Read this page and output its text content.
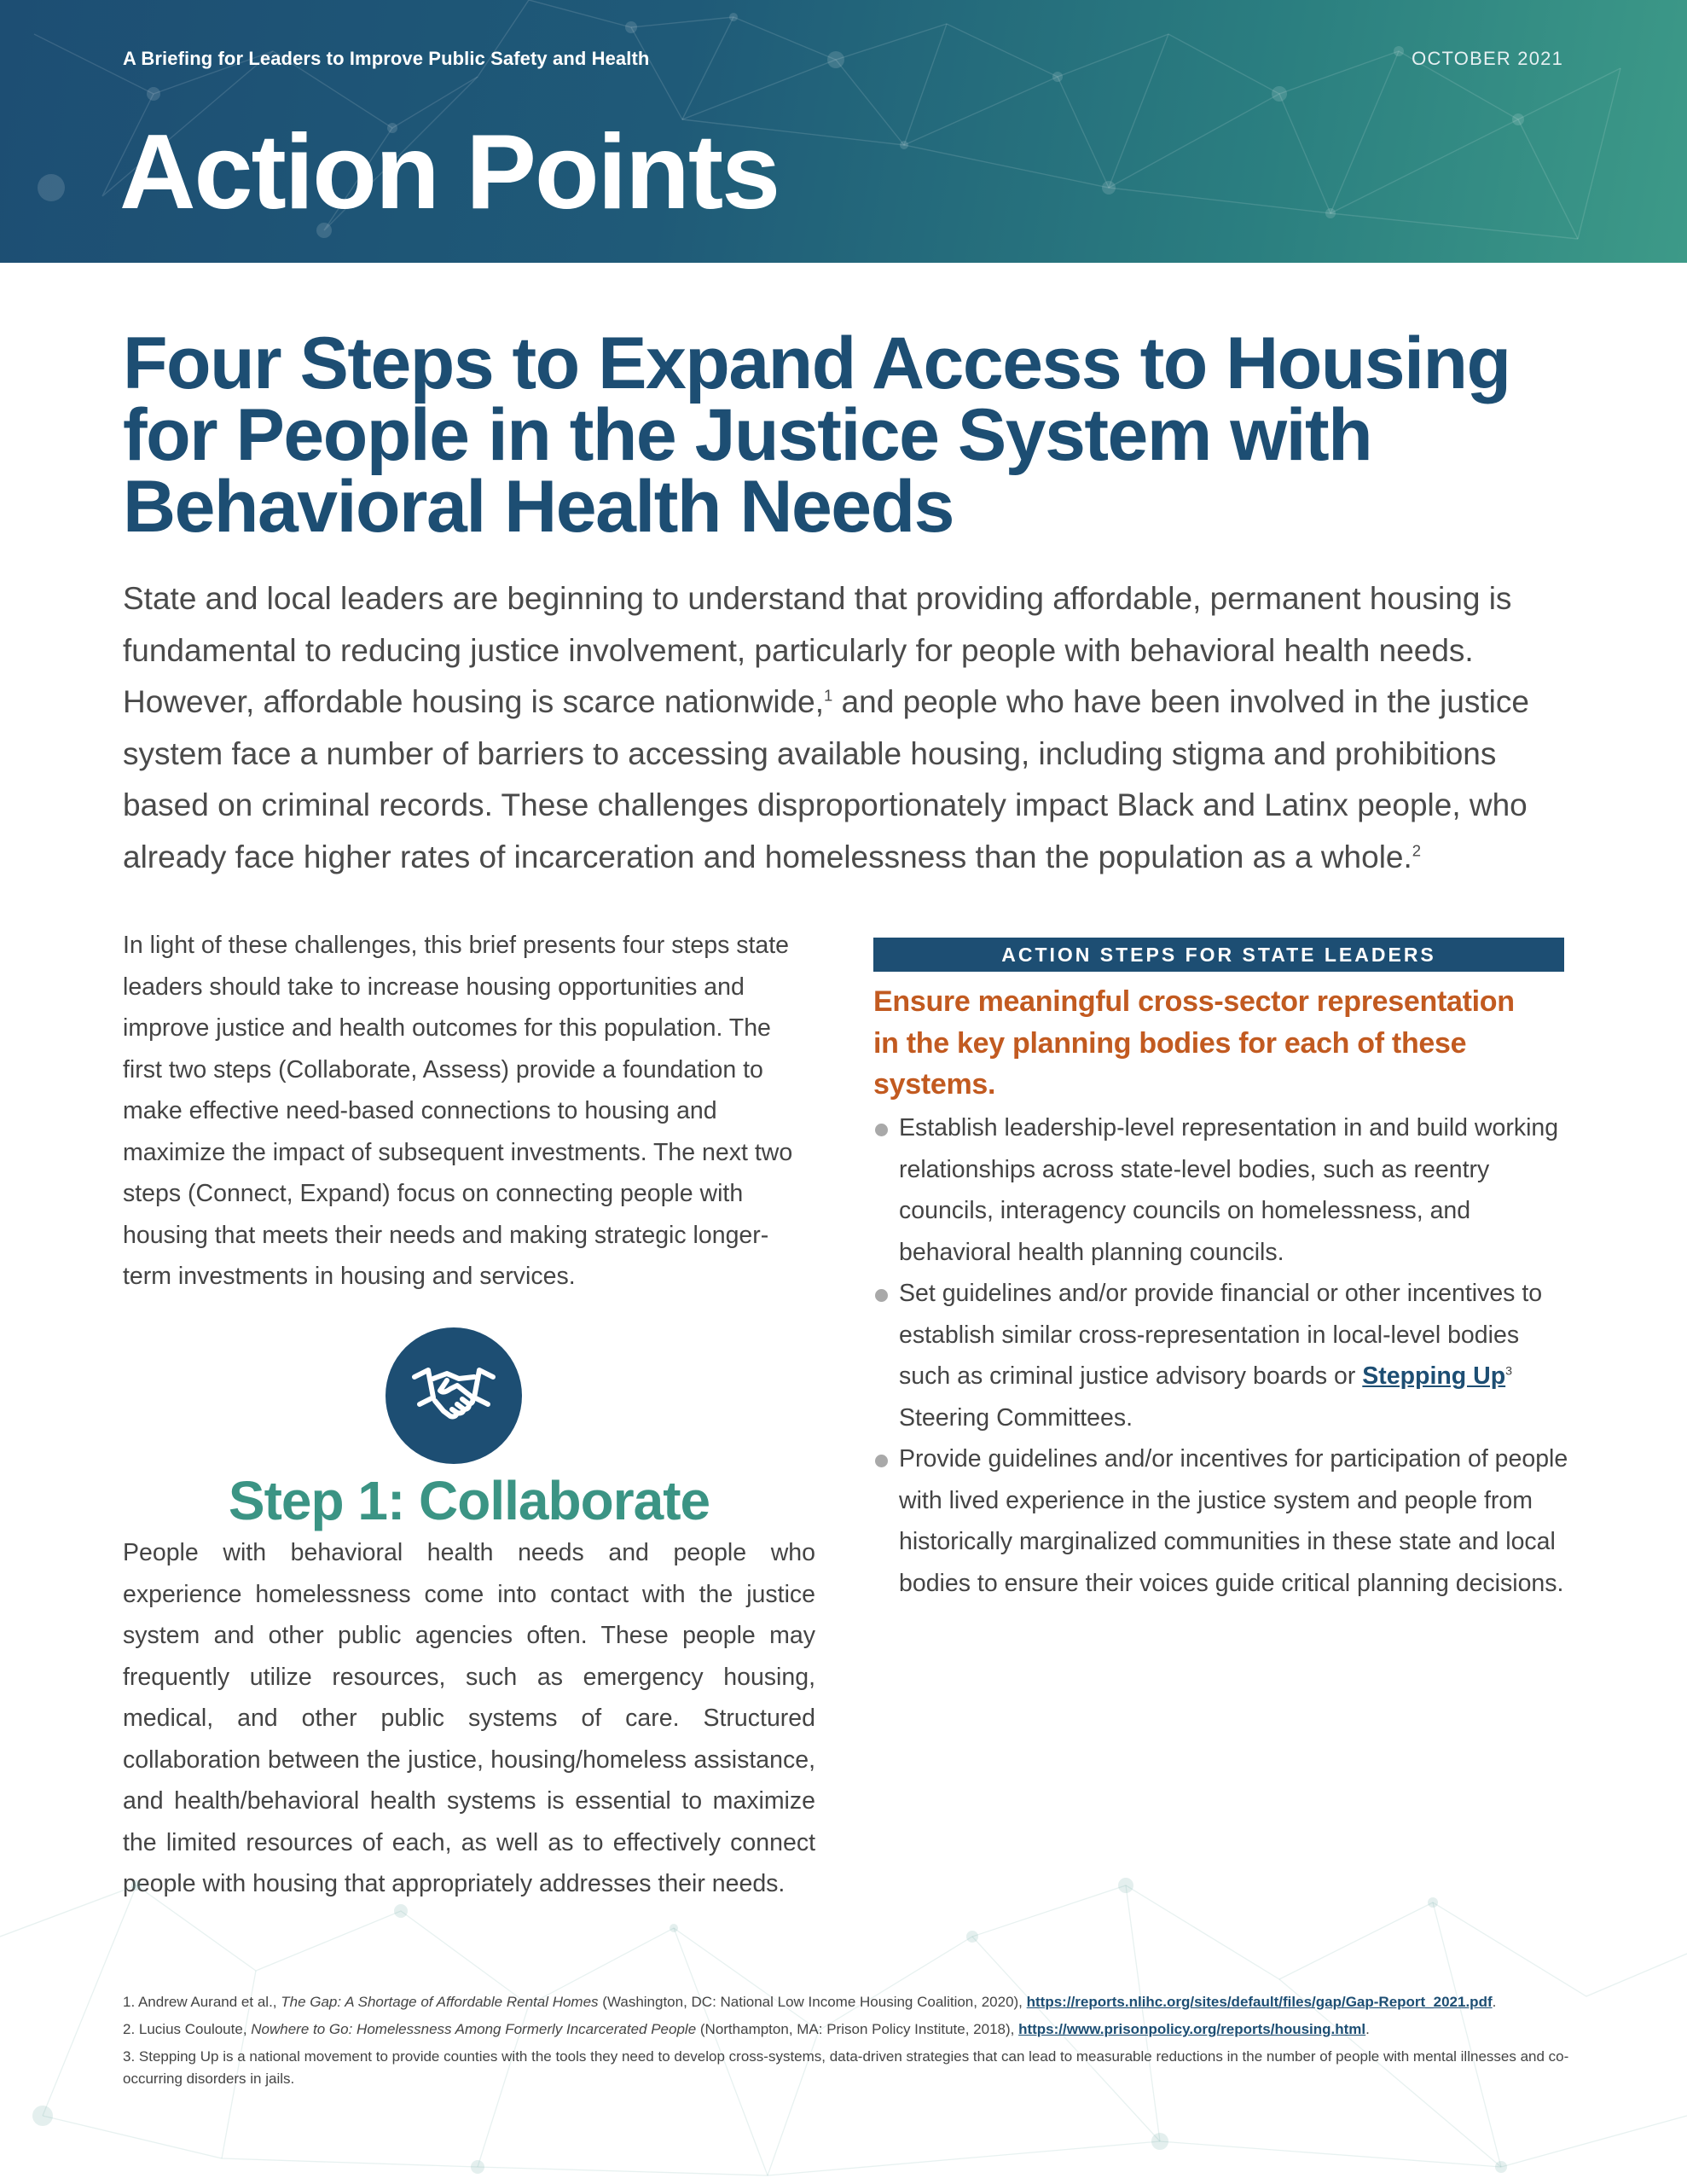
A Briefing for Leaders to Improve Public Safety and Health	OCTOBER 2021
Action Points
Four Steps to Expand Access to Housing for People in the Justice System with Behavioral Health Needs

State and local leaders are beginning to understand that providing affordable, permanent housing is fundamental to reducing justice involvement, particularly for people with behavioral health needs. However, affordable housing is scarce nationwide,$^1$ and people who have been involved in the justice system face a number of barriers to accessing available housing, including stigma and prohibitions based on criminal records. These challenges disproportionately impact Black and Latinx people, who already face higher rates of incarceration and homelessness than the population as a whole.$^2$

In light of these challenges, this brief presents four steps state leaders should take to increase housing opportunities and improve justice and health outcomes for this population. The first two steps (Collaborate, Assess) provide a foundation to make effective need-based connections to housing and maximize the impact of subsequent investments. The next two steps (Connect, Expand) focus on connecting people with housing that meets their needs and making strategic longer-term investments in housing and services.

Step 1: Collaborate

People with behavioral health needs and people who experience homelessness come into contact with the justice system and other public agencies often. These people may frequently utilize resources, such as emergency housing, medical, and other public systems of care. Structured collaboration between the justice, housing/homeless assistance, and health/behavioral health systems is essential to maximize the limited resources of each, as well as to effectively connect people with housing that appropriately addresses their needs.

ACTION STEPS FOR STATE LEADERS
Ensure meaningful cross-sector representation in the key planning bodies for each of these systems.
Establish leadership-level representation in and build working relationships across state-level bodies, such as reentry councils, interagency councils on homelessness, and behavioral health planning councils.
Set guidelines and/or provide financial or other incentives to establish similar cross-representation in local-level bodies such as criminal justice advisory boards or Stepping Up$^3$ Steering Committees.
Provide guidelines and/or incentives for participation of people with lived experience in the justice system and people from historically marginalized communities in these state and local bodies to ensure their voices guide critical planning decisions.

1. Andrew Aurand et al., The Gap: A Shortage of Affordable Rental Homes (Washington, DC: National Low Income Housing Coalition, 2020), https://reports.nlihc.org/sites/default/files/gap/Gap-Report_2021.pdf.

2. Lucius Couloute, Nowhere to Go: Homelessness Among Formerly Incarcerated People (Northampton, MA: Prison Policy Institute, 2018), https://www.prisonpolicy.org/reports/housing.html.

3. Stepping Up is a national movement to provide counties with the tools they need to develop cross-systems, data-driven strategies that can lead to measurable reductions in the number of people with mental illnesses and co-occurring disorders in jails.
